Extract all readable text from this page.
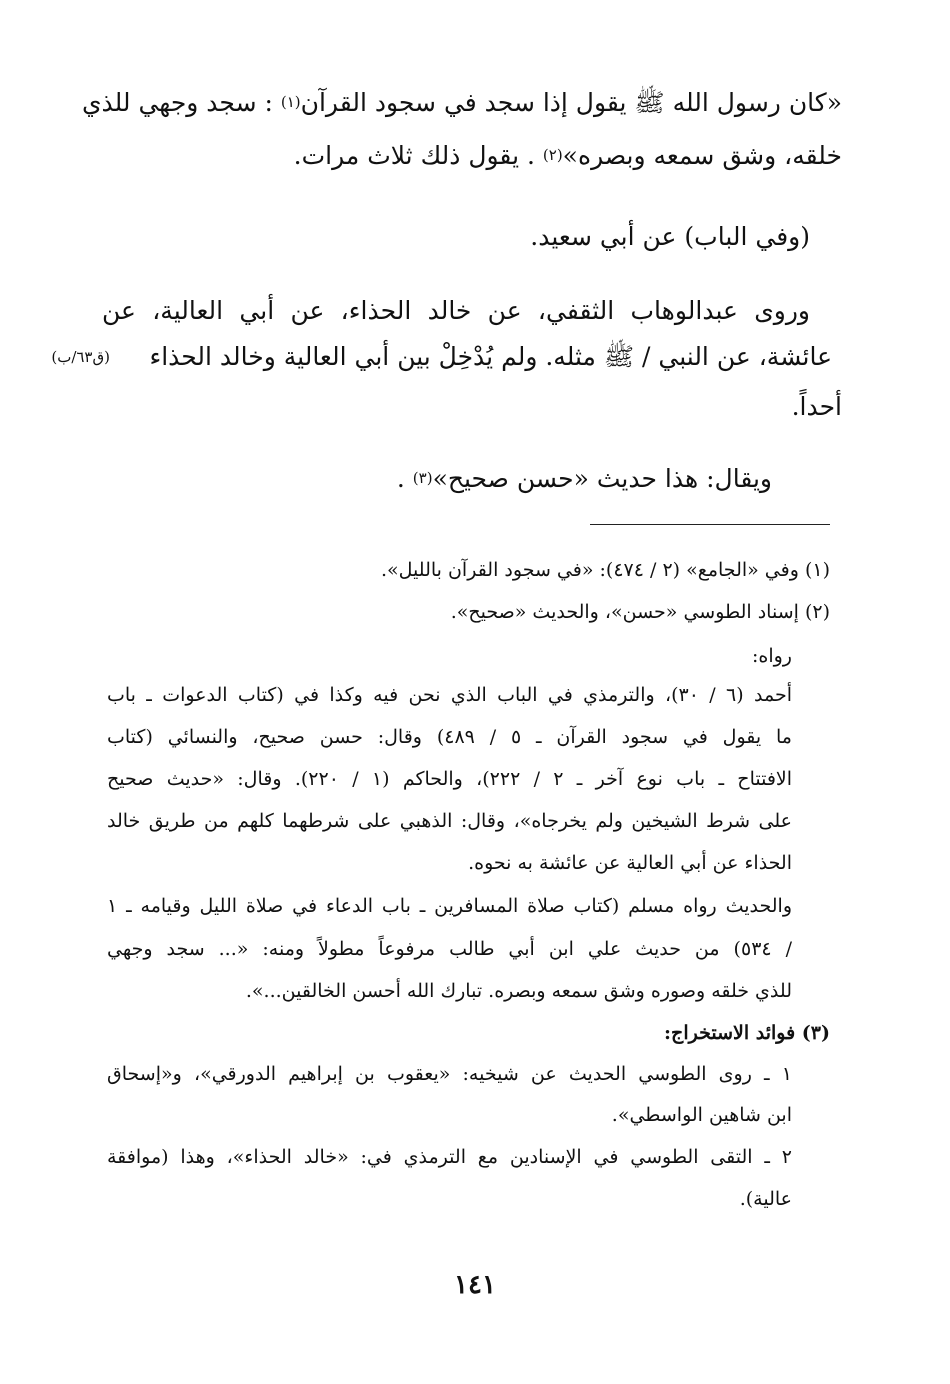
«كان رسول الله ﷺ يقول إذا سجد في سجود القرآن$^{(١)}$ : سجد وجهي للذي
خلقه، وشق سمعه وبصره»$^{(٢)}$ . يقول ذلك ثلاث مرات.
(وفي الباب) عن أبي سعيد.
وروى عبدالوهاب الثقفي، عن خالد الحذاء، عن أبي العالية، عن
عائشة، عن النبي / ﷺ مثله. ولم يُدْخِلْ بين أبي العالية وخالد الحذاء
(ق٦٣/ب)
أحداً.
ويقال: هذا حديث «حسن صحيح»$^{(٣)}$ .
(١) وفي «الجامع» (٢ / ٤٧٤): «في سجود القرآن بالليل».
(٢) إسناد الطوسي «حسن»، والحديث «صحيح».
رواه:
أحمد (٦ / ٣٠)، والترمذي في الباب الذي نحن فيه وكذا في (كتاب الدعوات ـ باب
ما يقول في سجود القرآن ـ ٥ / ٤٨٩) وقال: حسن صحيح، والنسائي (كتاب
الافتتاح ـ باب نوع آخر ـ ٢ / ٢٢٢)، والحاكم (١ / ٢٢٠). وقال: «حديث صحيح
على شرط الشيخين ولم يخرجاه»، وقال: الذهبي على شرطهما كلهم من طريق خالد
الحذاء عن أبي العالية عن عائشة به نحوه.
والحديث رواه مسلم (كتاب صلاة المسافرين ـ باب الدعاء في صلاة الليل وقيامه ـ ١
/ ٥٣٤) من حديث علي ابن أبي طالب مرفوعاً مطولاً ومنه: «... سجد وجهي
للذي خلقه وصوره وشق سمعه وبصره. تبارك الله أحسن الخالقين...».
(٣) فوائد الاستخراج:
١ ـ روى الطوسي الحديث عن شيخيه: «يعقوب بن إبراهيم الدورقي»، و«إسحاق
ابن شاهين الواسطي».
٢ ـ التقى الطوسي في الإسنادين مع الترمذي في: «خالد الحذاء»، وهذا (موافقة
عالية).
١٤١
